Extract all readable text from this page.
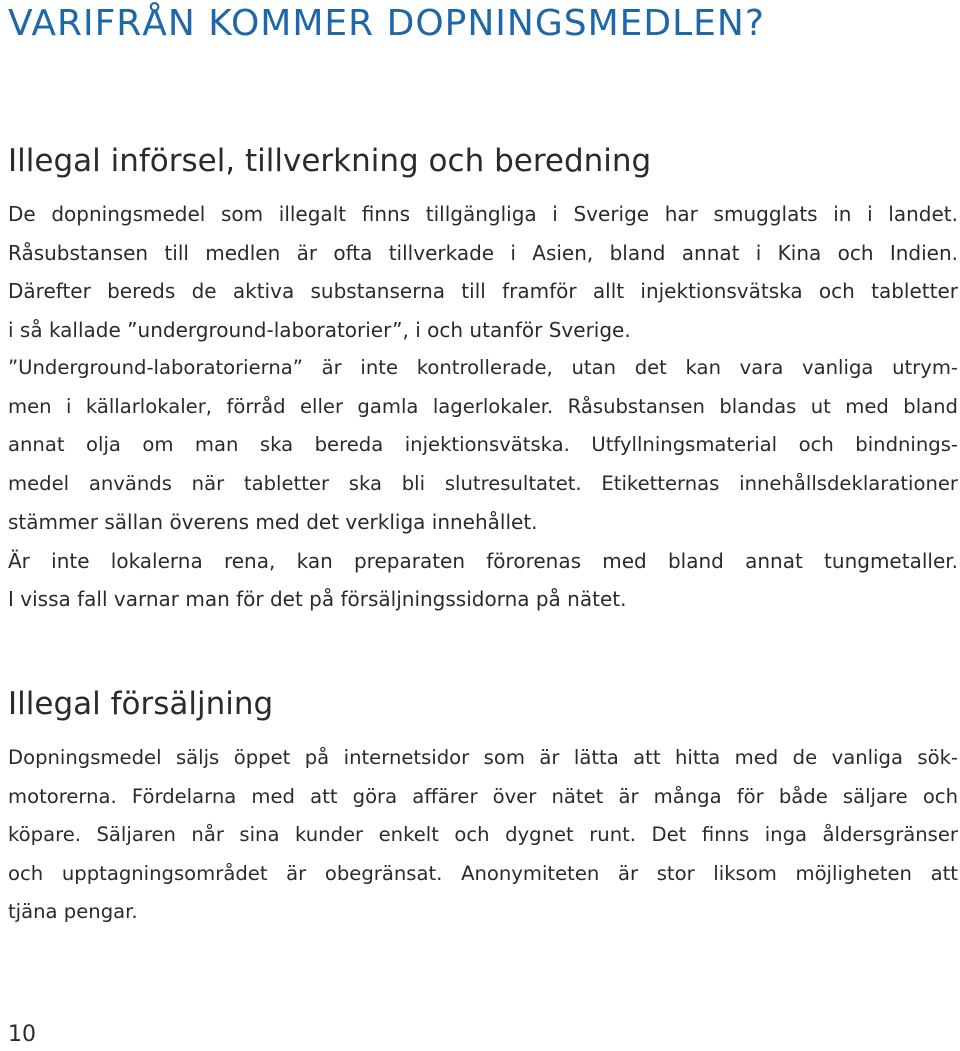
VARIFRÅN KOMMER DOPNINGSMEDLEN?
Illegal införsel, tillverkning och beredning
De dopningsmedel som illegalt finns tillgängliga i Sverige har smugglats in i landet.
Råsubstansen till medlen är ofta tillverkade i Asien, bland annat i Kina och Indien.
Därefter bereds de aktiva substanserna till framför allt injektionsvätska och tabletter
i så kallade ”underground-laboratorier”, i och utanför Sverige.
”Underground-laboratorierna” är inte kontrollerade, utan det kan vara vanliga utrym-
men i källarlokaler, förråd eller gamla lagerlokaler. Råsubstansen blandas ut med bland
annat olja om man ska bereda injektionsvätska. Utfyllningsmaterial och bindnings-
medel används när tabletter ska bli slutresultatet. Etiketternas innehållsdeklarationer
stämmer sällan överens med det verkliga innehållet.
Är inte lokalerna rena, kan preparaten förorenas med bland annat tungmetaller.
I vissa fall varnar man för det på försäljningssidorna på nätet.
Illegal försäljning
Dopningsmedel säljs öppet på internetsidor som är lätta att hitta med de vanliga sök-
motorerna. Fördelarna med att göra affärer över nätet är många för både säljare och
köpare. Säljaren når sina kunder enkelt och dygnet runt. Det finns inga åldersgränser
och upptagningsområdet är obegränsat. Anonymiteten är stor liksom möjligheten att
tjäna pengar.
10
